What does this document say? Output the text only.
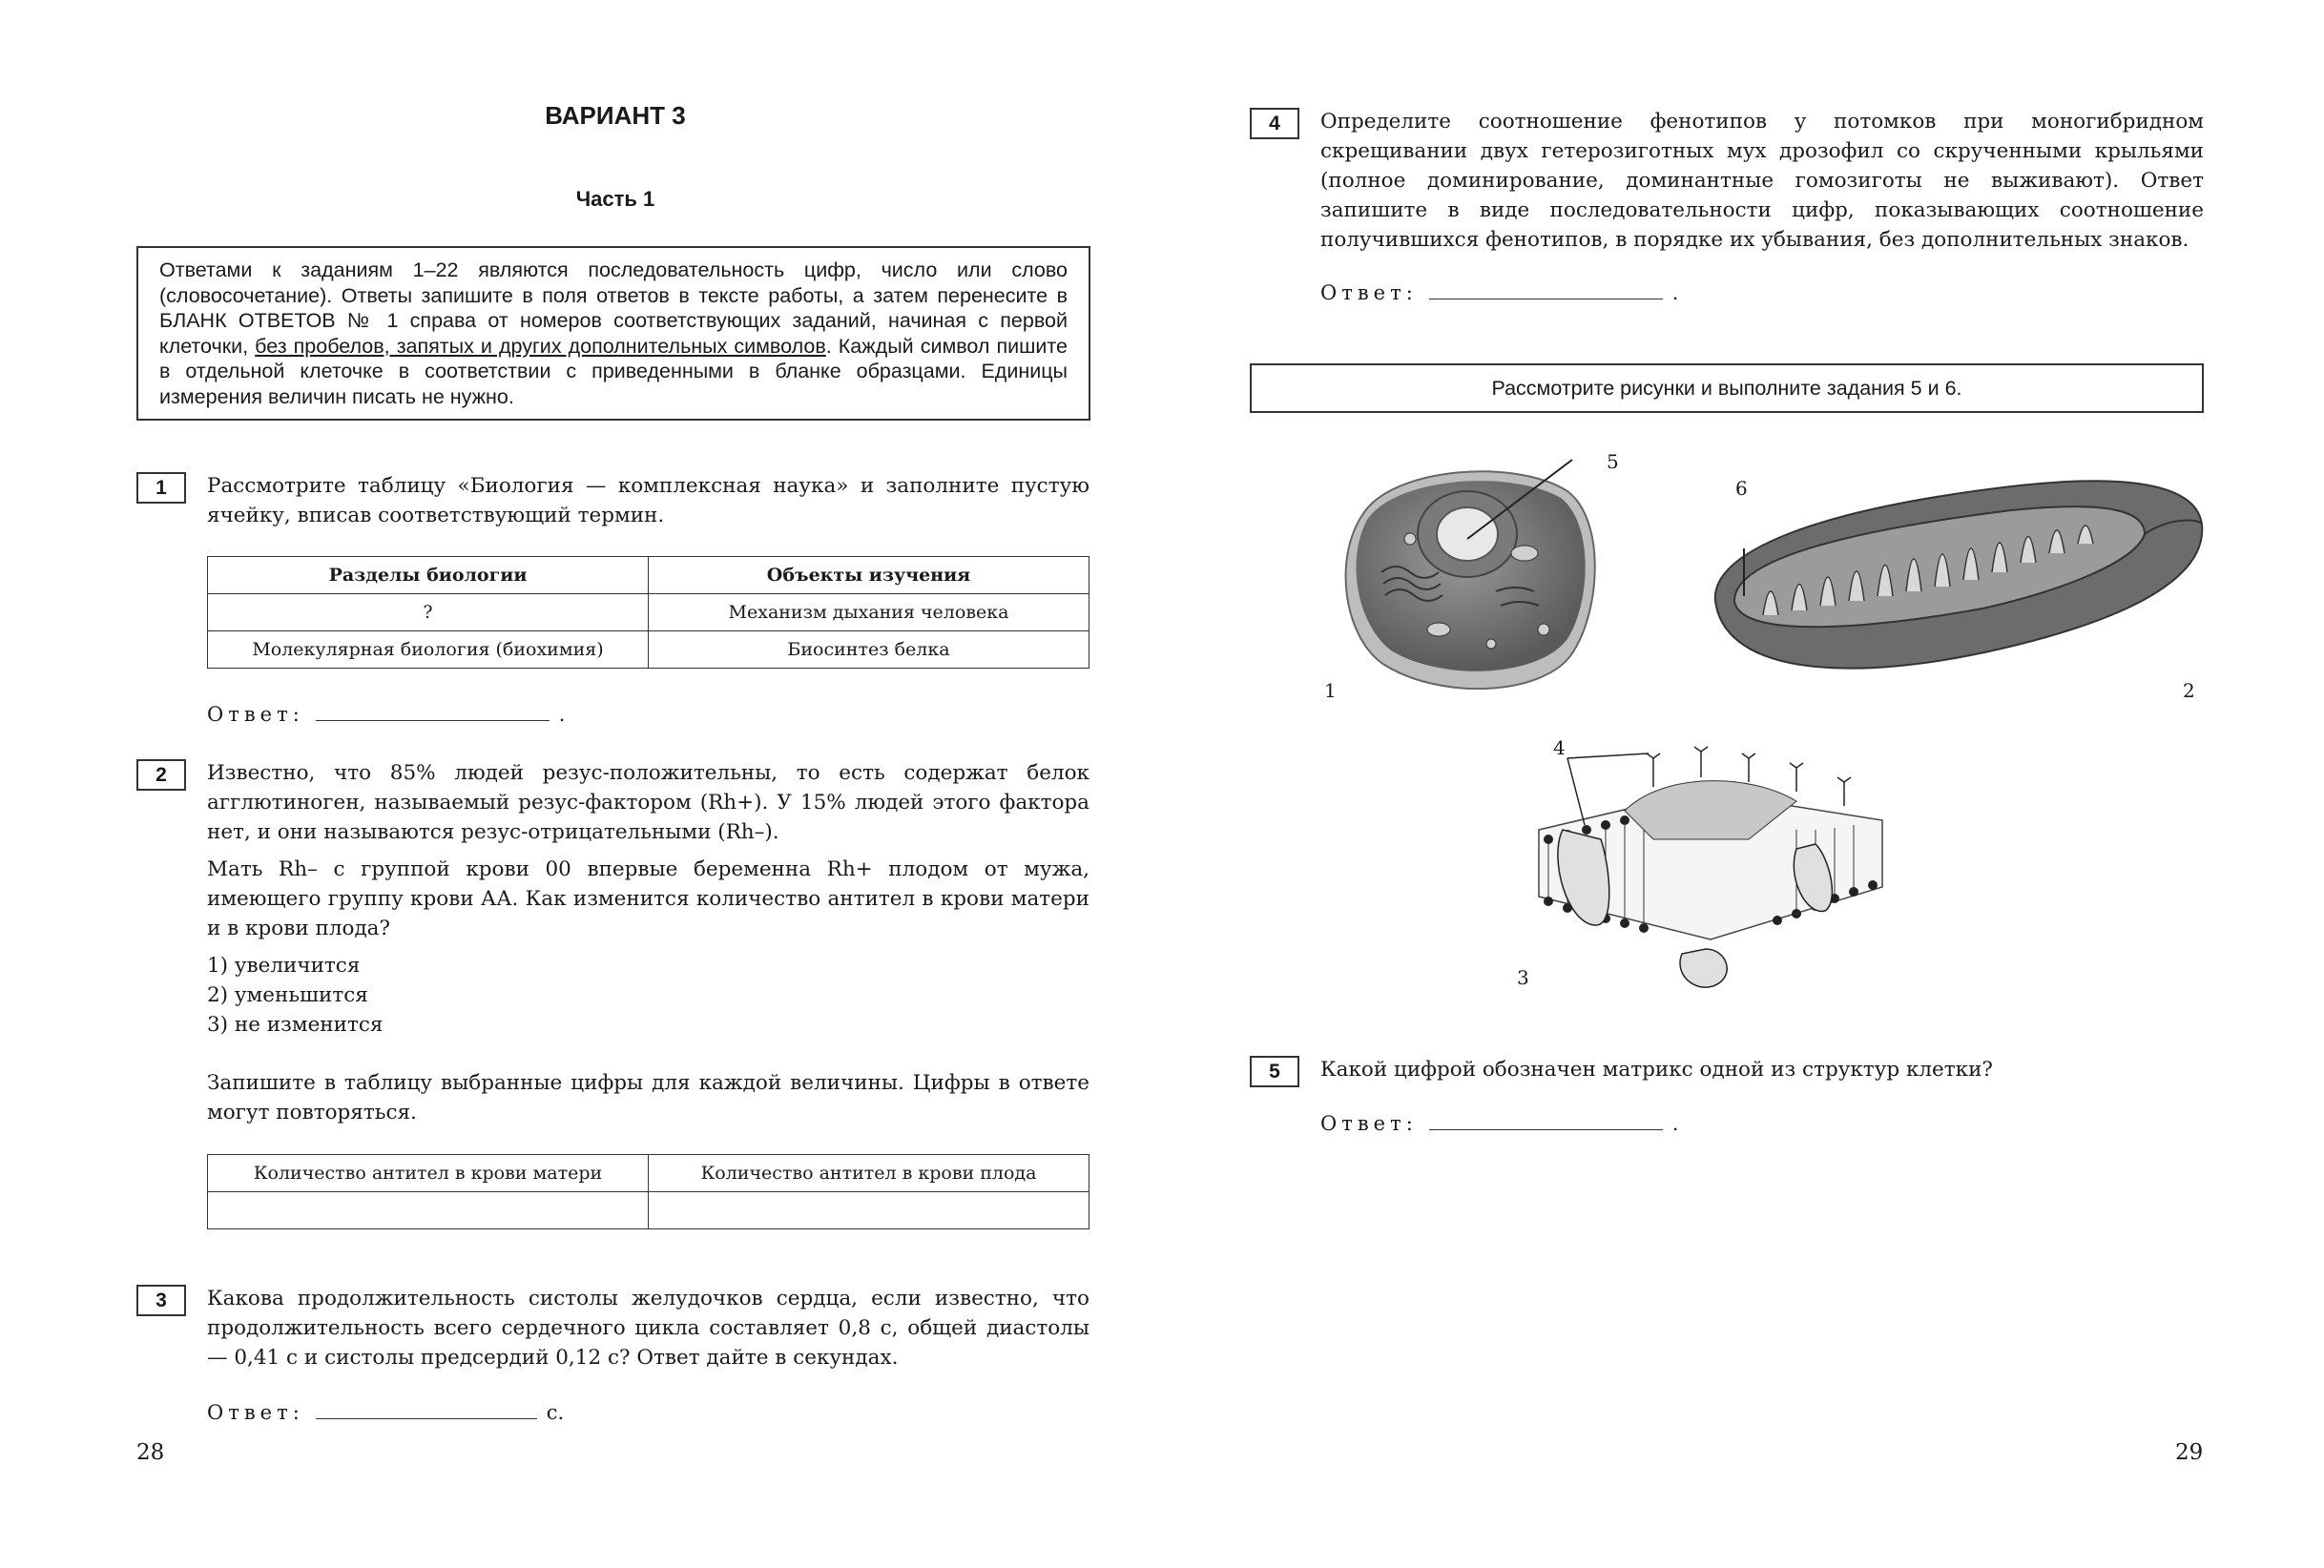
ВАРИАНТ 3
Часть 1
Ответами к заданиям 1–22 являются последовательность цифр, число или слово (словосочетание). Ответы запишите в поля ответов в тексте работы, а затем перенесите в БЛАНК ОТВЕТОВ № 1 справа от номеров соответствующих заданий, начиная с первой клеточки, без пробелов, запятых и других дополнительных символов. Каждый символ пишите в отдельной клеточке в соответствии с приведенными в бланке образцами. Единицы измерения величин писать не нужно.
1	Рассмотрите таблицу «Биология — комплексная наука» и заполните пустую ячейку, вписав соответствующий термин.
Разделы биологии	Объекты изучения
?	Механизм дыхания человека
Молекулярная биология (биохимия)	Биосинтез белка
Ответ:	.
2	Известно, что 85% людей резус-положительны, то есть содержат белок агглютиноген, называемый резус-фактором (Rh+). У 15% людей этого фактора нет, и они называются резус-отрицательными (Rh–).

Мать Rh– с группой крови 00 впервые беременна Rh+ плодом от мужа, имеющего группу крови АА. Как изменится количество антител в крови матери и в крови плода?

1) увеличится
2) уменьшится
3) не изменится
Запишите в таблицу выбранные цифры для каждой величины. Цифры в ответе могут повторяться.
Количество антител в крови матери	Количество антител в крови плода

3	Какова продолжительность систолы желудочков сердца, если известно, что продолжительность всего сердечного цикла составляет 0,8 с, общей диастолы — 0,41 с и систолы предсердий 0,12 с? Ответ дайте в секундах.
Ответ:	с.
28
4	Определите соотношение фенотипов у потомков при моногибридном скрещивании двух гетерозиготных мух дрозофил со скрученными крыльями (полное доминирование, доминантные гомозиготы не выживают). Ответ запишите в виде последовательности цифр, показывающих соотношение получившихся фенотипов, в порядке их убывания, без дополнительных знаков.
Ответ:	.
Рассмотрите рисунки и выполните задания 5 и 6.
5
1
6
2
4
3
5	Какой цифрой обозначен матрикс одной из структур клетки?
Ответ:	.
29
